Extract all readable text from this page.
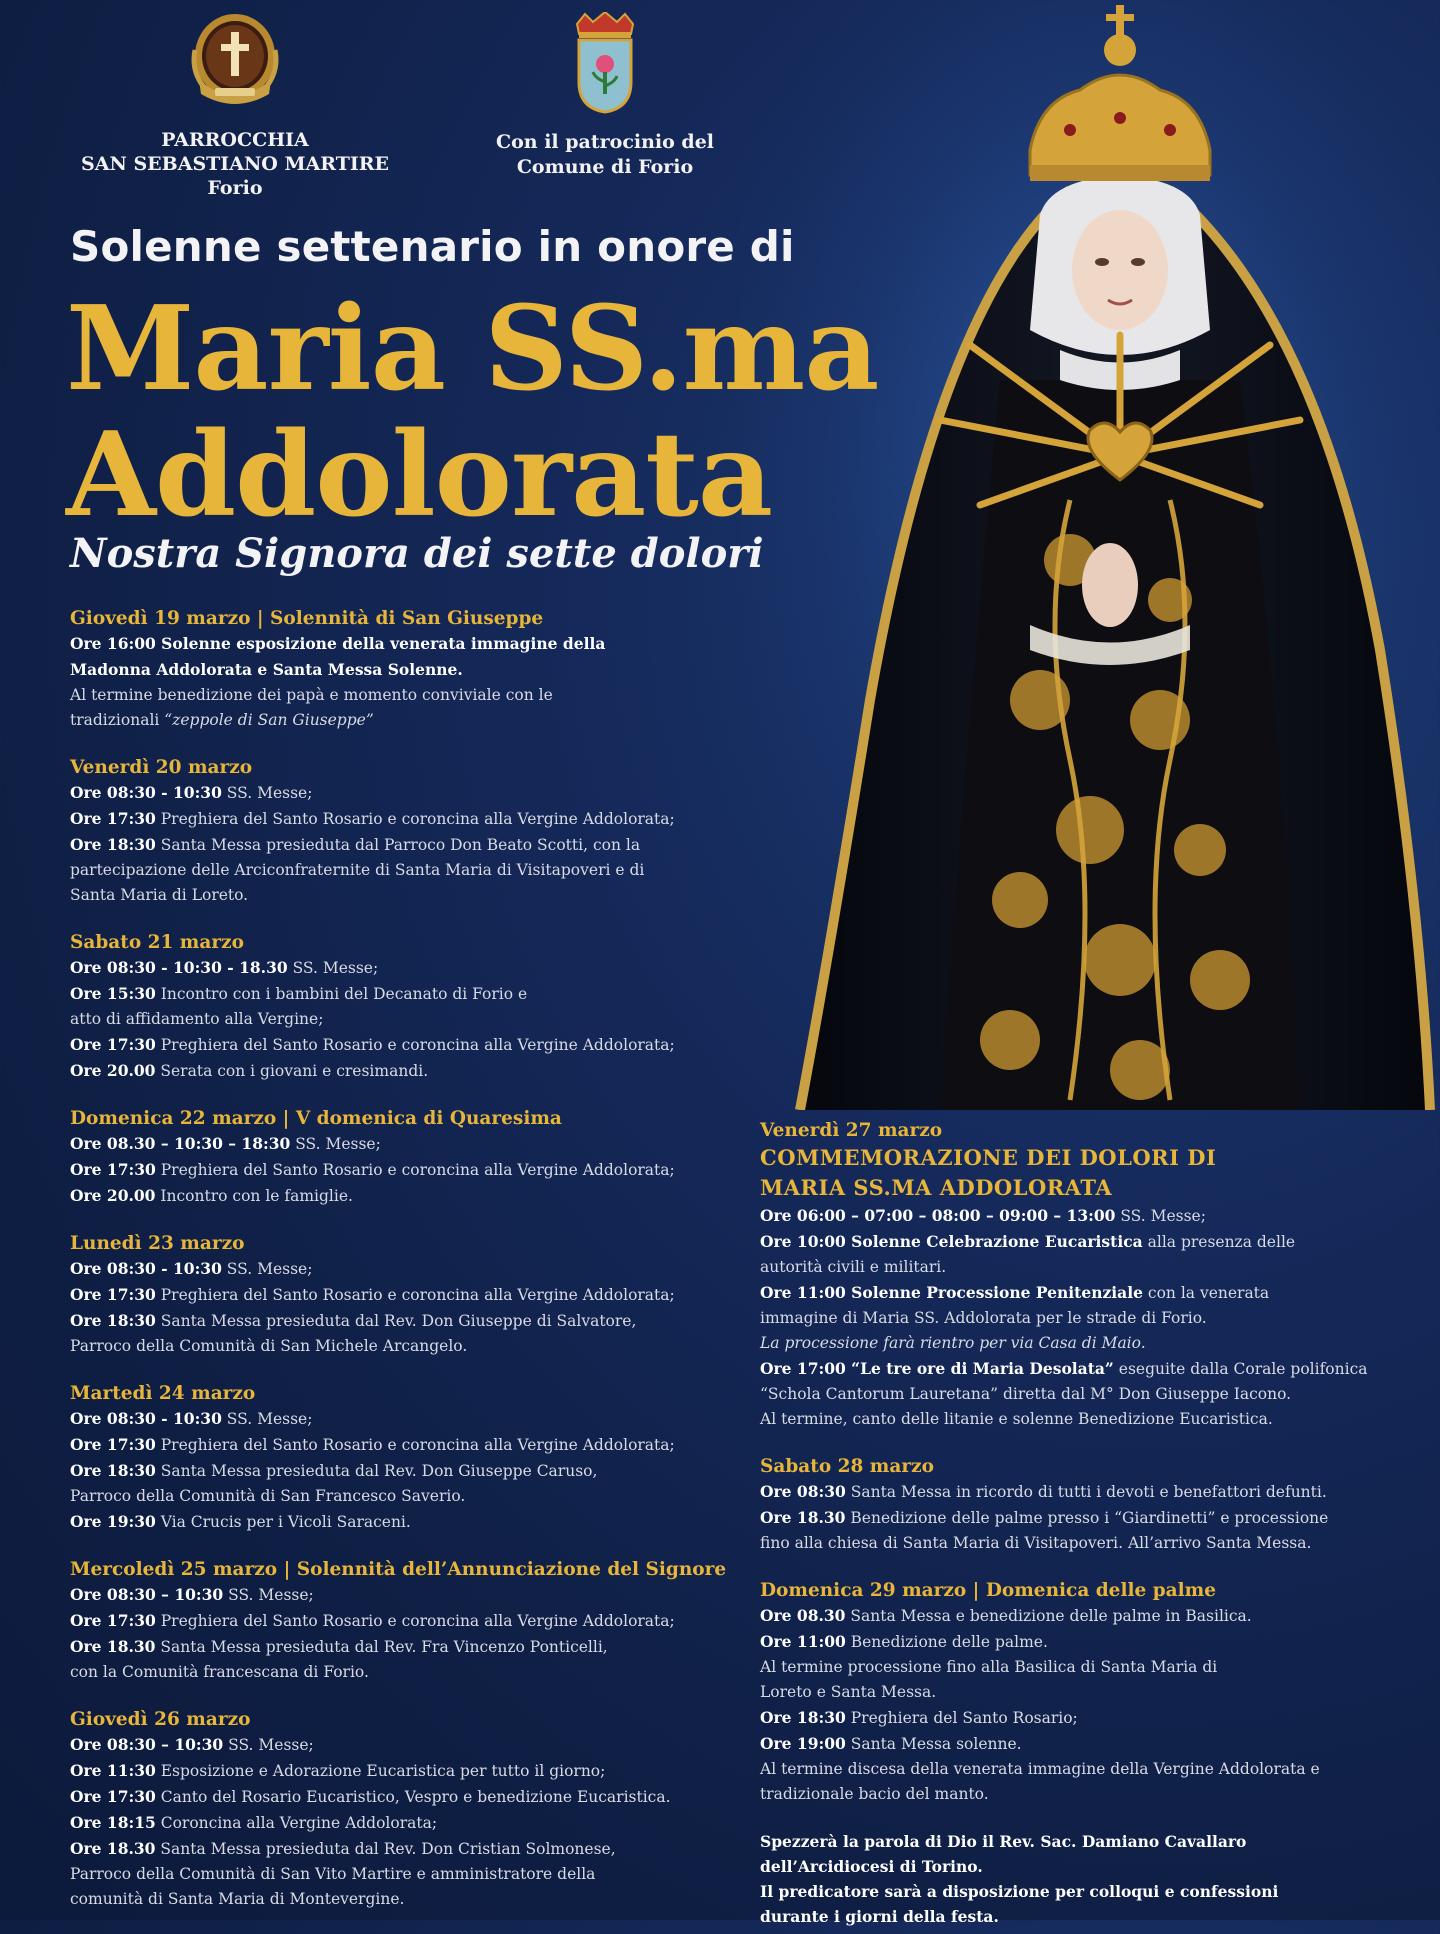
PARROCCHIA
SAN SEBASTIANO MARTIRE
Forio
Con il patrocinio del
Comune di Forio
Solenne settenario in onore di
Maria SS.ma
Addolorata
Nostra Signora dei sette dolori
Giovedì 19 marzo | Solennità di San Giuseppe
Ore 16:00 Solenne esposizione della venerata immagine della
Madonna Addolorata e Santa Messa Solenne.
Al termine benedizione dei papà e momento conviviale con le
tradizionali “zeppole di San Giuseppe”
Venerdì 20 marzo
Ore 08:30 - 10:30 SS. Messe;
Ore 17:30 Preghiera del Santo Rosario e coroncina alla Vergine Addolorata;
Ore 18:30 Santa Messa presieduta dal Parroco Don Beato Scotti, con la
partecipazione delle Arciconfraternite di Santa Maria di Visitapoveri e di
Santa Maria di Loreto.
Sabato 21 marzo
Ore 08:30 - 10:30 - 18.30 SS. Messe;
Ore 15:30 Incontro con i bambini del Decanato di Forio e
atto di affidamento alla Vergine;
Ore 17:30 Preghiera del Santo Rosario e coroncina alla Vergine Addolorata;
Ore 20.00 Serata con i giovani e cresimandi.
Domenica 22 marzo | V domenica di Quaresima
Ore 08.30 – 10:30 – 18:30 SS. Messe;
Ore 17:30 Preghiera del Santo Rosario e coroncina alla Vergine Addolorata;
Ore 20.00 Incontro con le famiglie.
Lunedì 23 marzo
Ore 08:30 - 10:30 SS. Messe;
Ore 17:30 Preghiera del Santo Rosario e coroncina alla Vergine Addolorata;
Ore 18:30 Santa Messa presieduta dal Rev. Don Giuseppe di Salvatore,
Parroco della Comunità di San Michele Arcangelo.
Martedì 24 marzo
Ore 08:30 - 10:30 SS. Messe;
Ore 17:30 Preghiera del Santo Rosario e coroncina alla Vergine Addolorata;
Ore 18:30 Santa Messa presieduta dal Rev. Don Giuseppe Caruso,
Parroco della Comunità di San Francesco Saverio.
Ore 19:30 Via Crucis per i Vicoli Saraceni.
Mercoledì 25 marzo | Solennità dell’Annunciazione del Signore
Ore 08:30 – 10:30 SS. Messe;
Ore 17:30 Preghiera del Santo Rosario e coroncina alla Vergine Addolorata;
Ore 18.30 Santa Messa presieduta dal Rev. Fra Vincenzo Ponticelli,
con la Comunità francescana di Forio.
Giovedì 26 marzo
Ore 08:30 – 10:30 SS. Messe;
Ore 11:30 Esposizione e Adorazione Eucaristica per tutto il giorno;
Ore 17:30 Canto del Rosario Eucaristico, Vespro e benedizione Eucaristica.
Ore 18:15 Coroncina alla Vergine Addolorata;
Ore 18.30 Santa Messa presieduta dal Rev. Don Cristian Solmonese,
Parroco della Comunità di San Vito Martire e amministratore della
comunità di Santa Maria di Montevergine.
Venerdì 27 marzo
COMMEMORAZIONE DEI DOLORI DI
MARIA SS.MA ADDOLORATA
Ore 06:00 – 07:00 – 08:00 – 09:00 – 13:00 SS. Messe;
Ore 10:00 Solenne Celebrazione Eucaristica alla presenza delle
autorità civili e militari.
Ore 11:00 Solenne Processione Penitenziale con la venerata
immagine di Maria SS. Addolorata per le strade di Forio.
La processione farà rientro per via Casa di Maio.
Ore 17:00 “Le tre ore di Maria Desolata” eseguite dalla Corale polifonica
“Schola Cantorum Lauretana” diretta dal M° Don Giuseppe Iacono.
Al termine, canto delle litanie e solenne Benedizione Eucaristica.
Sabato 28 marzo
Ore 08:30 Santa Messa in ricordo di tutti i devoti e benefattori defunti.
Ore 18.30 Benedizione delle palme presso i “Giardinetti” e processione
fino alla chiesa di Santa Maria di Visitapoveri. All’arrivo Santa Messa.
Domenica 29 marzo | Domenica delle palme
Ore 08.30 Santa Messa e benedizione delle palme in Basilica.
Ore 11:00 Benedizione delle palme.
Al termine processione fino alla Basilica di Santa Maria di
Loreto e Santa Messa.
Ore 18:30 Preghiera del Santo Rosario;
Ore 19:00 Santa Messa solenne.
Al termine discesa della venerata immagine della Vergine Addolorata e
tradizionale bacio del manto.
Spezzerà la parola di Dio il Rev. Sac. Damiano Cavallaro
dell’Arcidiocesi di Torino.
Il predicatore sarà a disposizione per colloqui e confessioni
durante i giorni della festa.
